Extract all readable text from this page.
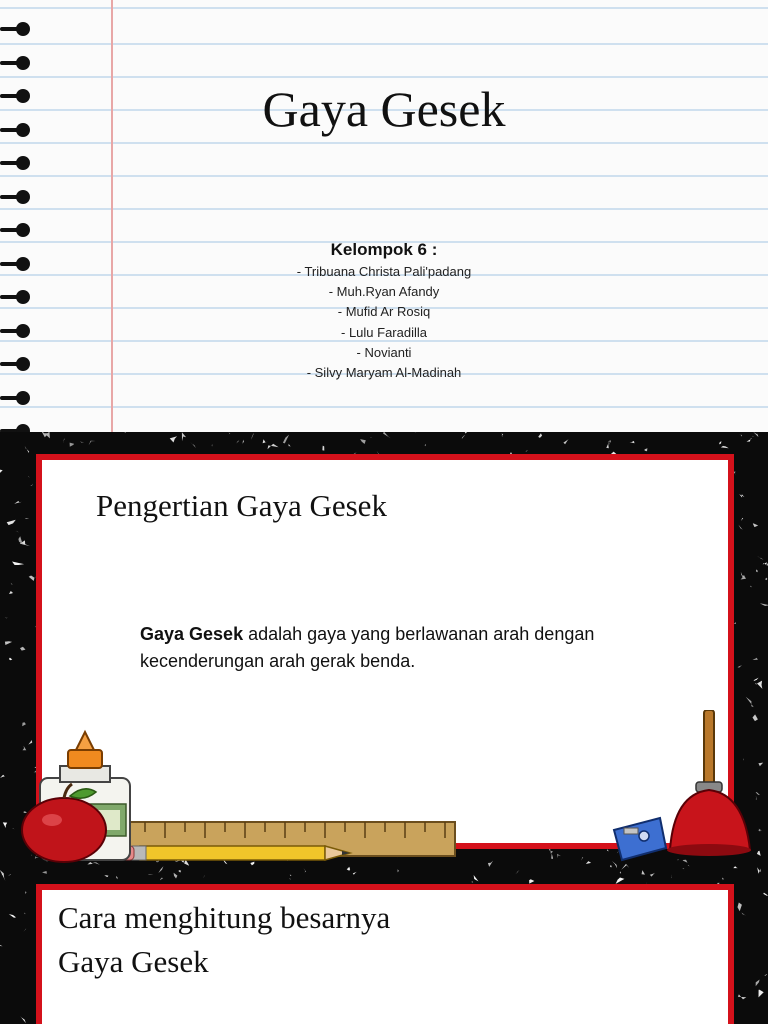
Gaya Gesek
Kelompok 6 :
- Tribuana Christa Pali'padang
- Muh.Ryan Afandy
- Mufid Ar Rosiq
- Lulu Faradilla
- Novianti
- Silvy Maryam Al-Madinah
Pengertian Gaya Gesek
Gaya Gesek adalah gaya yang berlawanan arah dengan kecenderungan arah gerak benda.
Cara menghitung besarnya
Gaya Gesek
